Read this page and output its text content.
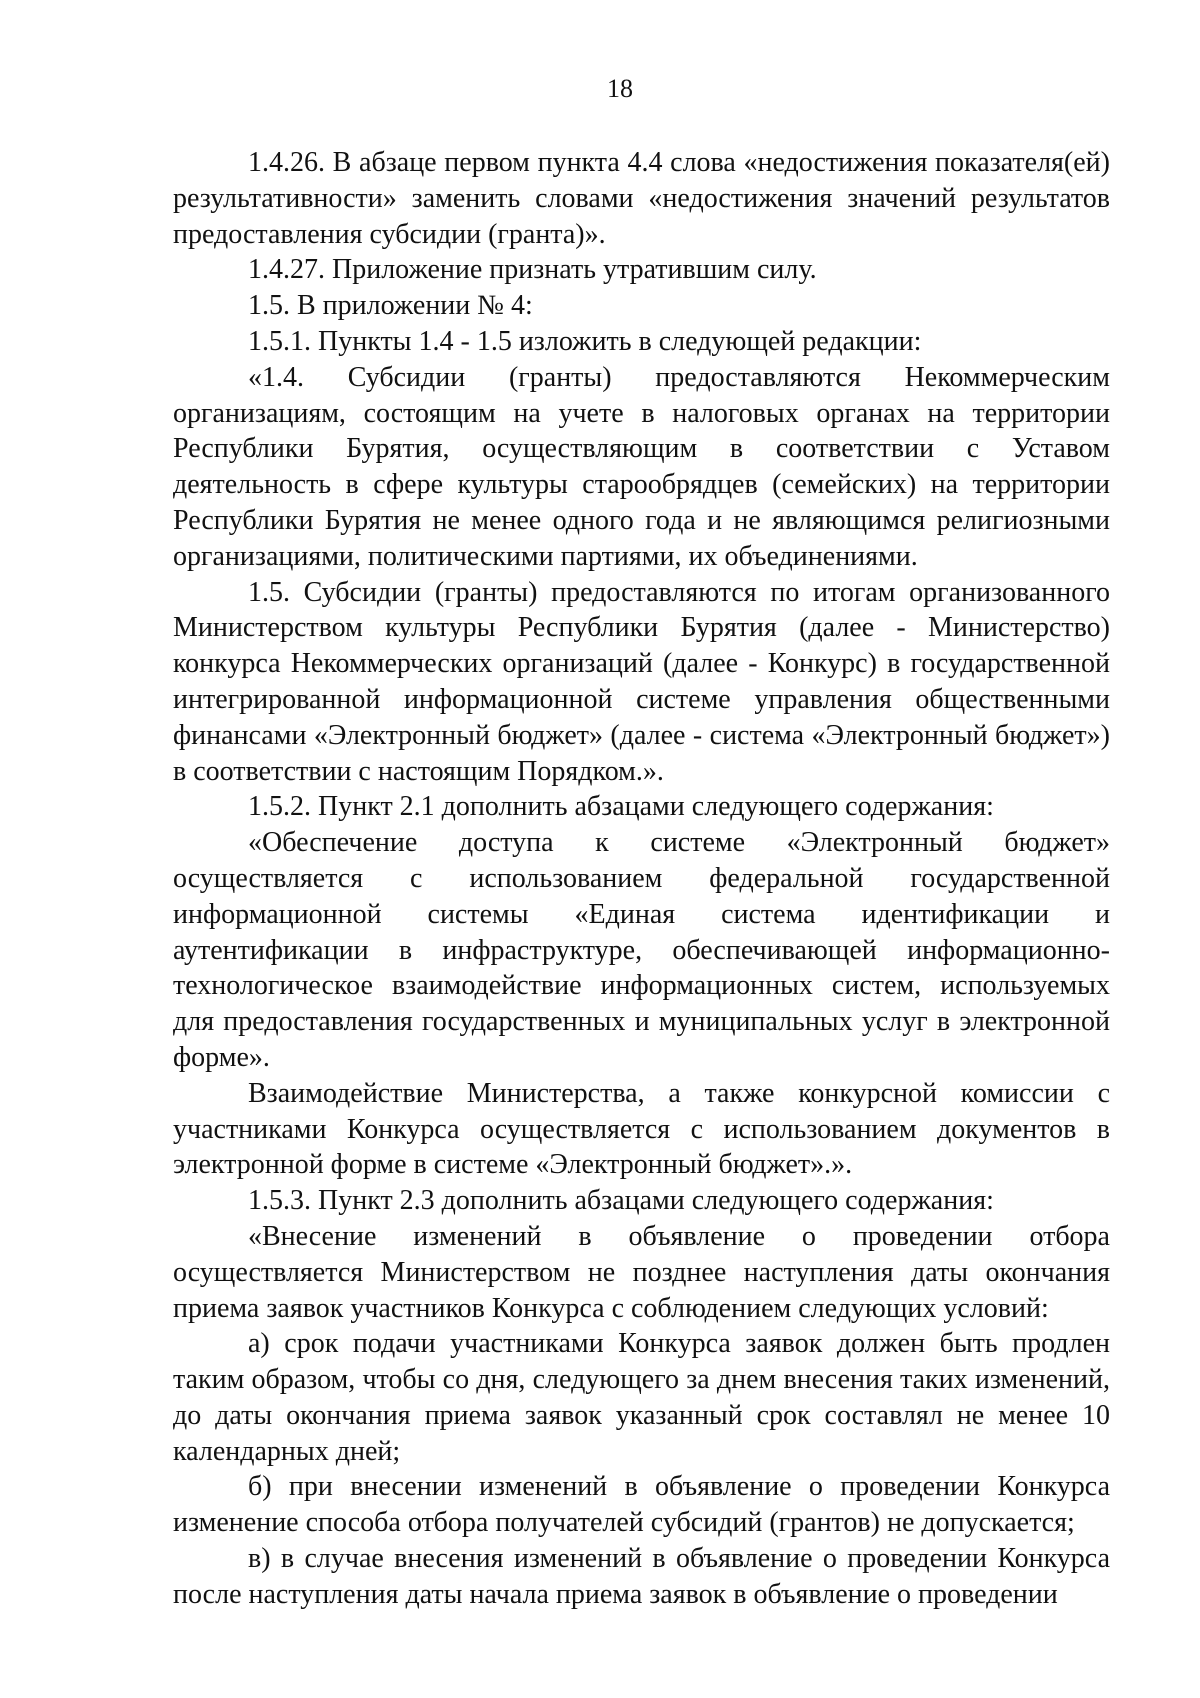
18

1.4.26. В абзаце первом пункта 4.4 слова «недостижения показателя(ей) результативности» заменить словами «недостижения значений результатов предоставления субсидии (гранта)».

1.4.27. Приложение признать утратившим силу.

1.5. В приложении № 4:

1.5.1. Пункты 1.4 - 1.5 изложить в следующей редакции:

«1.4. Субсидии (гранты) предоставляются Некоммерческим организациям, состоящим на учете в налоговых органах на территории Республики Бурятия, осуществляющим в соответствии с Уставом деятельность в сфере культуры старообрядцев (семейских) на территории Республики Бурятия не менее одного года и не являющимся религиозными организациями, политическими партиями, их объединениями.

1.5. Субсидии (гранты) предоставляются по итогам организованного Министерством культуры Республики Бурятия (далее - Министерство) конкурса Некоммерческих организаций (далее - Конкурс) в государственной интегрированной информационной системе управления общественными финансами «Электронный бюджет» (далее - система «Электронный бюджет») в соответствии с настоящим Порядком.».

1.5.2. Пункт 2.1 дополнить абзацами следующего содержания:

«Обеспечение доступа к системе «Электронный бюджет» осуществляется с использованием федеральной государственной информационной системы «Единая система идентификации и аутентификации в инфраструктуре, обеспечивающей информационно-технологическое взаимодействие информационных систем, используемых для предоставления государственных и муниципальных услуг в электронной форме».

Взаимодействие Министерства, а также конкурсной комиссии с участниками Конкурса осуществляется с использованием документов в электронной форме в системе «Электронный бюджет».».

1.5.3. Пункт 2.3 дополнить абзацами следующего содержания:

«Внесение изменений в объявление о проведении отбора осуществляется Министерством не позднее наступления даты окончания приема заявок участников Конкурса с соблюдением следующих условий:

а) срок подачи участниками Конкурса заявок должен быть продлен таким образом, чтобы со дня, следующего за днем внесения таких изменений, до даты окончания приема заявок указанный срок составлял не менее 10 календарных дней;

б) при внесении изменений в объявление о проведении Конкурса изменение способа отбора получателей субсидий (грантов) не допускается;

в) в случае внесения изменений в объявление о проведении Конкурса после наступления даты начала приема заявок в объявление о проведении
